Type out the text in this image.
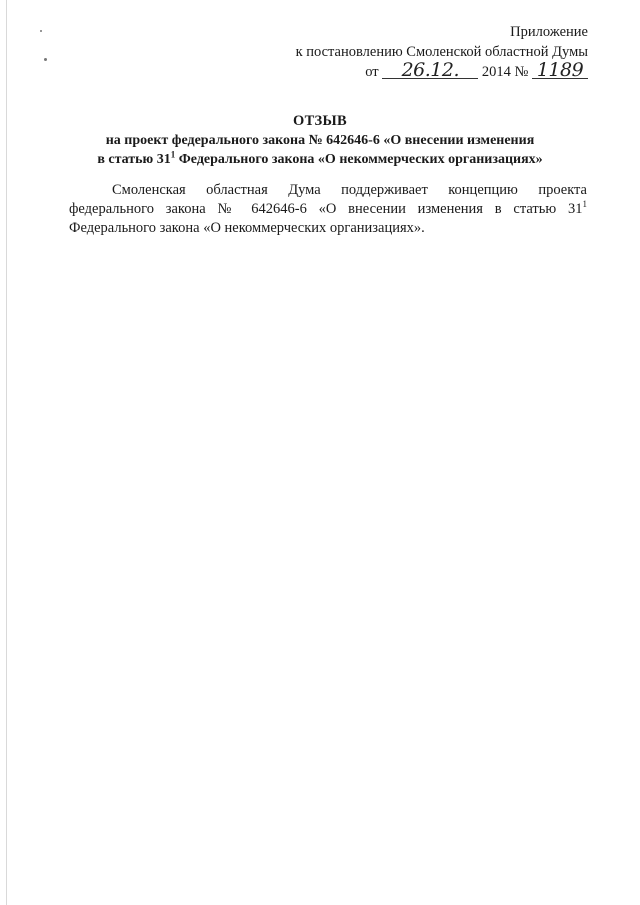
Приложение
к постановлению Смоленской областной Думы
от 26.12. 2014 № 1189
ОТЗЫВ
на проект федерального закона № 642646-6 «О внесении изменения
в статью $31^1$ Федерального закона «О некоммерческих организациях»
Смоленская областная Дума поддерживает концепцию проекта федерального закона № 642646-6 «О внесении изменения в статью $31^1$ Федерального закона «О некоммерческих организациях».
